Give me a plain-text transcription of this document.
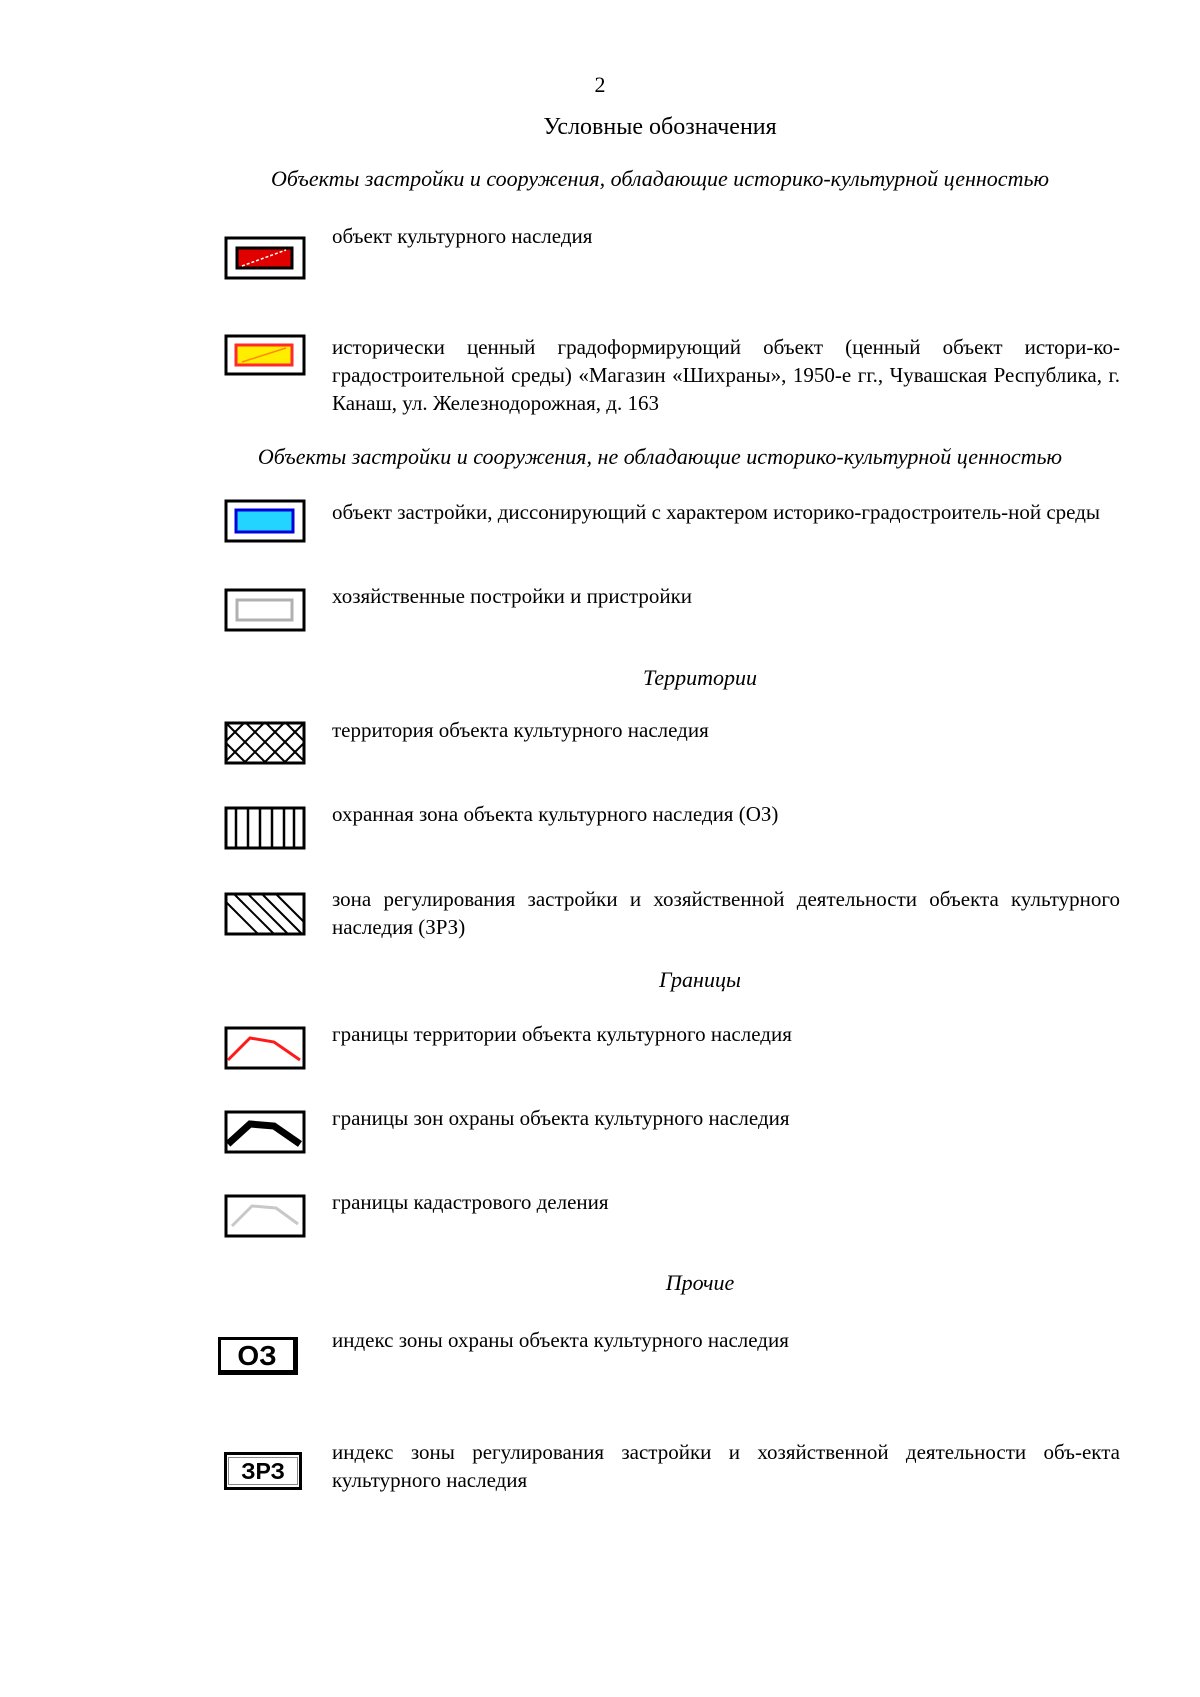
2
Условные обозначения
Объекты застройки и сооружения, обладающие историко-культурной ценностью
объект культурного наследия
исторически ценный градоформирующий объект (ценный объект истори-ко-градостроительной среды) «Магазин «Шихраны», 1950-е гг., Чувашская Республика, г. Канаш, ул. Железнодорожная, д. 163
Объекты застройки и сооружения, не обладающие историко-культурной ценностью
объект застройки, диссонирующий с характером историко-градостроитель-ной среды
хозяйственные постройки и пристройки
Территории
территория объекта культурного наследия
охранная зона объекта культурного наследия (ОЗ)
зона регулирования застройки и хозяйственной деятельности объекта культурного наследия (ЗРЗ)
Границы
границы территории объекта культурного наследия
границы зон охраны объекта культурного наследия
границы кадастрового деления
Прочие
ОЗ	индекс зоны охраны объекта культурного наследия
ЗРЗ
индекс зоны регулирования застройки и хозяйственной деятельности объ-екта культурного наследия
